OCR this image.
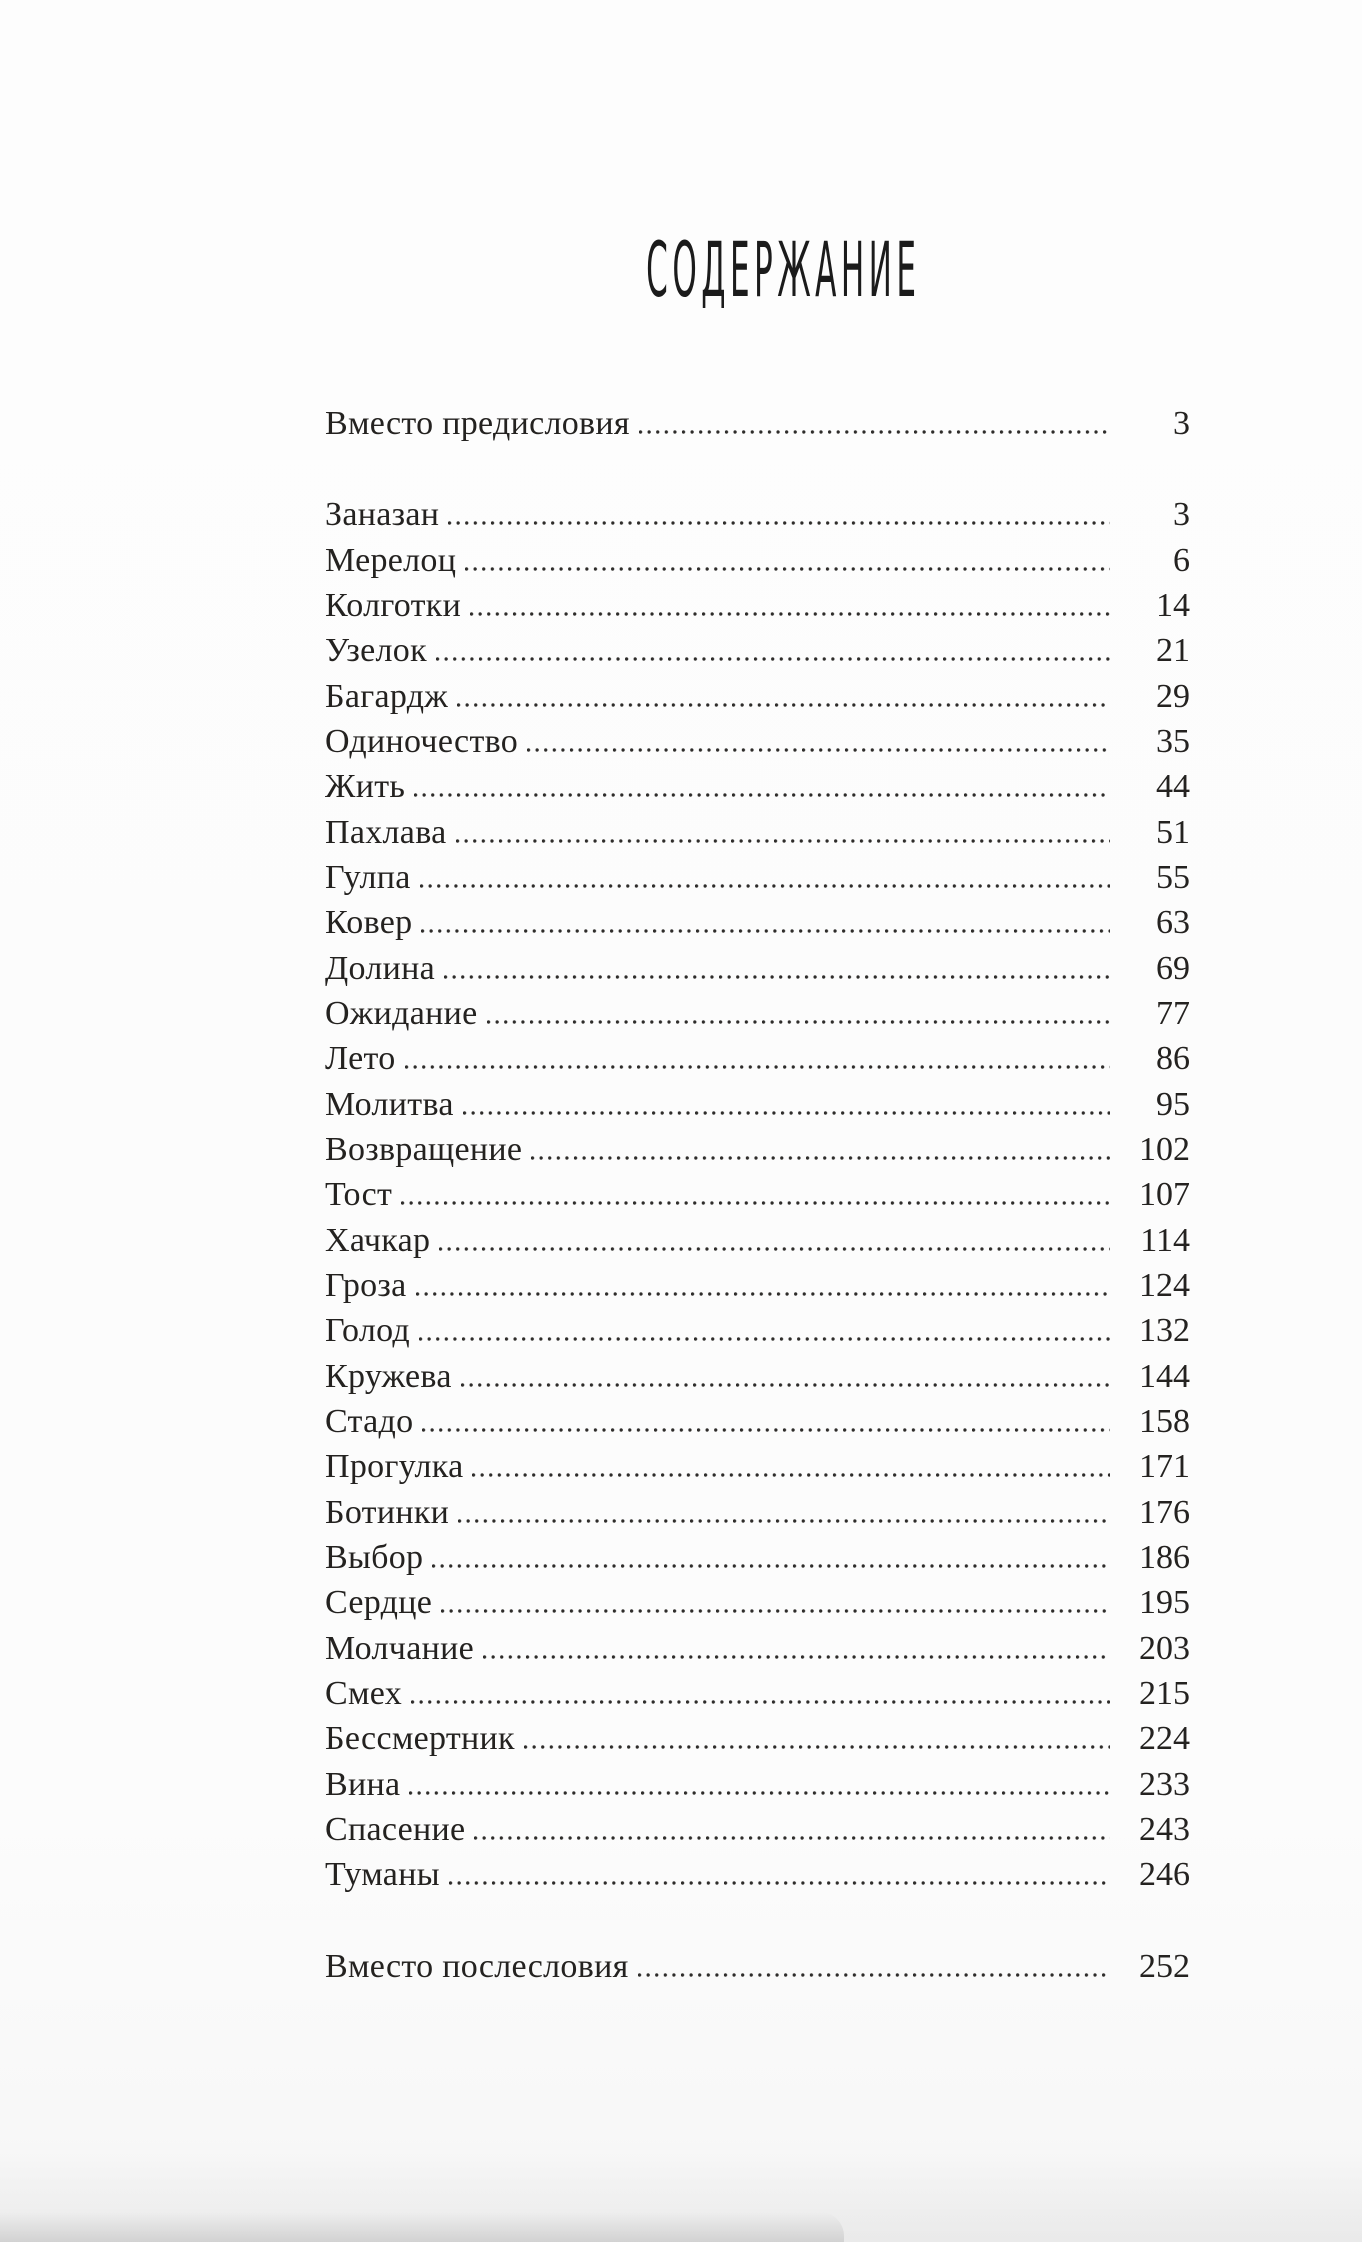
СОДЕРЖАНИЕ
Вместо предисловия	3
Заназан	3
Мерелоц	6
Колготки	14
Узелок	21
Багардж	29
Одиночество	35
Жить	44
Пахлава	51
Гулпа	55
Ковер	63
Долина	69
Ожидание	77
Лето	86
Молитва	95
Возвращение	102
Тост	107
Хачкар	114
Гроза	124
Голод	132
Кружева	144
Стадо	158
Прогулка	171
Ботинки	176
Выбор	186
Сердце	195
Молчание	203
Смех	215
Бессмертник	224
Вина	233
Спасение	243
Туманы	246
Вместо послесловия	252
